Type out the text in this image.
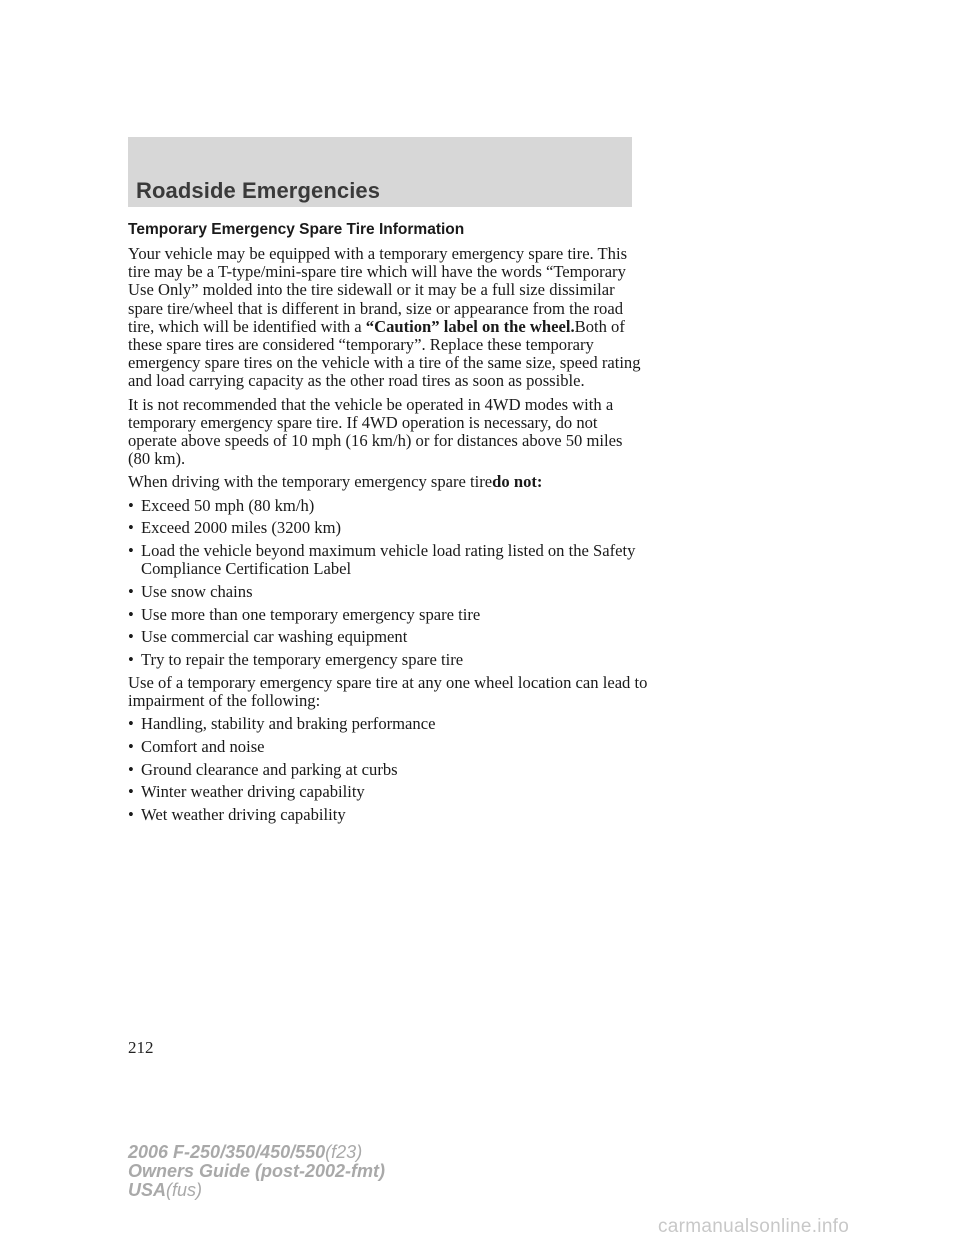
Roadside Emergencies
Temporary Emergency Spare Tire Information

Your vehicle may be equipped with a temporary emergency spare tire. This tire may be a T-type/mini-spare tire which will have the words “Temporary Use Only” molded into the tire sidewall or it may be a full size dissimilar spare tire/wheel that is different in brand, size or appearance from the road tire, which will be identified with a “Caution” label on the wheel.Both of these spare tires are considered “temporary”. Replace these temporary emergency spare tires on the vehicle with a tire of the same size, speed rating and load carrying capacity as the other road tires as soon as possible.

It is not recommended that the vehicle be operated in 4WD modes with a temporary emergency spare tire. If 4WD operation is necessary, do not operate above speeds of 10 mph (16 km/h) or for distances above 50 miles (80 km).

When driving with the temporary emergency spare tiredo not:

• Exceed 50 mph (80 km/h)
• Exceed 2000 miles (3200 km)
• Load the vehicle beyond maximum vehicle load rating listed on the Safety Compliance Certification Label
• Use snow chains
• Use more than one temporary emergency spare tire
• Use commercial car washing equipment
• Try to repair the temporary emergency spare tire

Use of a temporary emergency spare tire at any one wheel location can lead to impairment of the following:

• Handling, stability and braking performance
• Comfort and noise
• Ground clearance and parking at curbs
• Winter weather driving capability
• Wet weather driving capability
212
2006 F-250/350/450/550(f23)
Owners Guide (post-2002-fmt)
USA(fus)
carmanualsonline.info
